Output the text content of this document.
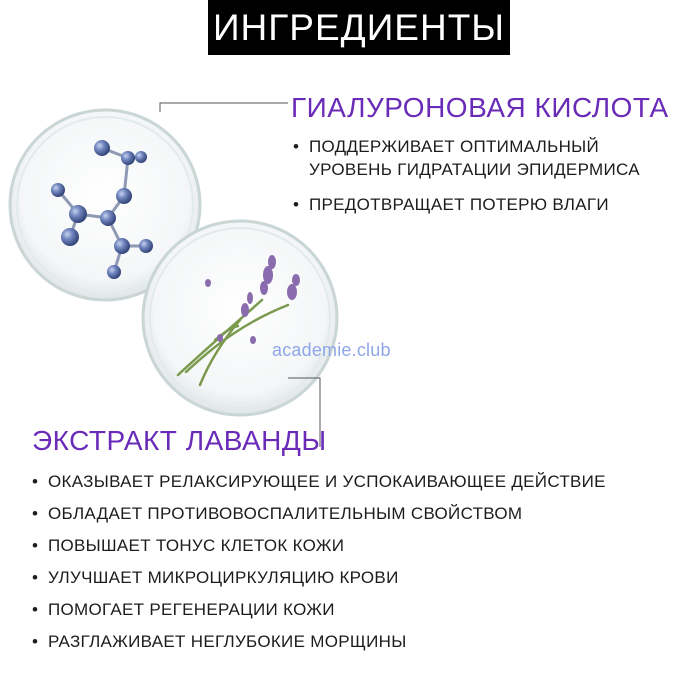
ИНГРЕДИЕНТЫ
academie.club
ГИАЛУРОНОВАЯ КИСЛОТА
• ПОДДЕРЖИВАЕТ ОПТИМАЛЬНЫЙ
УРОВЕНЬ ГИДРАТАЦИИ ЭПИДЕРМИСА
• ПРЕДОТВРАЩАЕТ ПОТЕРЮ ВЛАГИ
ЭКСТРАКТ ЛАВАНДЫ
• ОКАЗЫВАЕТ РЕЛАКСИРУЮЩЕЕ И УСПОКАИВАЮЩЕЕ ДЕЙСТВИЕ
• ОБЛАДАЕТ ПРОТИВОВОСПАЛИТЕЛЬНЫМ СВОЙСТВОМ
• ПОВЫШАЕТ ТОНУС КЛЕТОК КОЖИ
• УЛУЧШАЕТ МИКРОЦИРКУЛЯЦИЮ КРОВИ
• ПОМОГАЕТ РЕГЕНЕРАЦИИ КОЖИ
• РАЗГЛАЖИВАЕТ НЕГЛУБОКИЕ МОРЩИНЫ
